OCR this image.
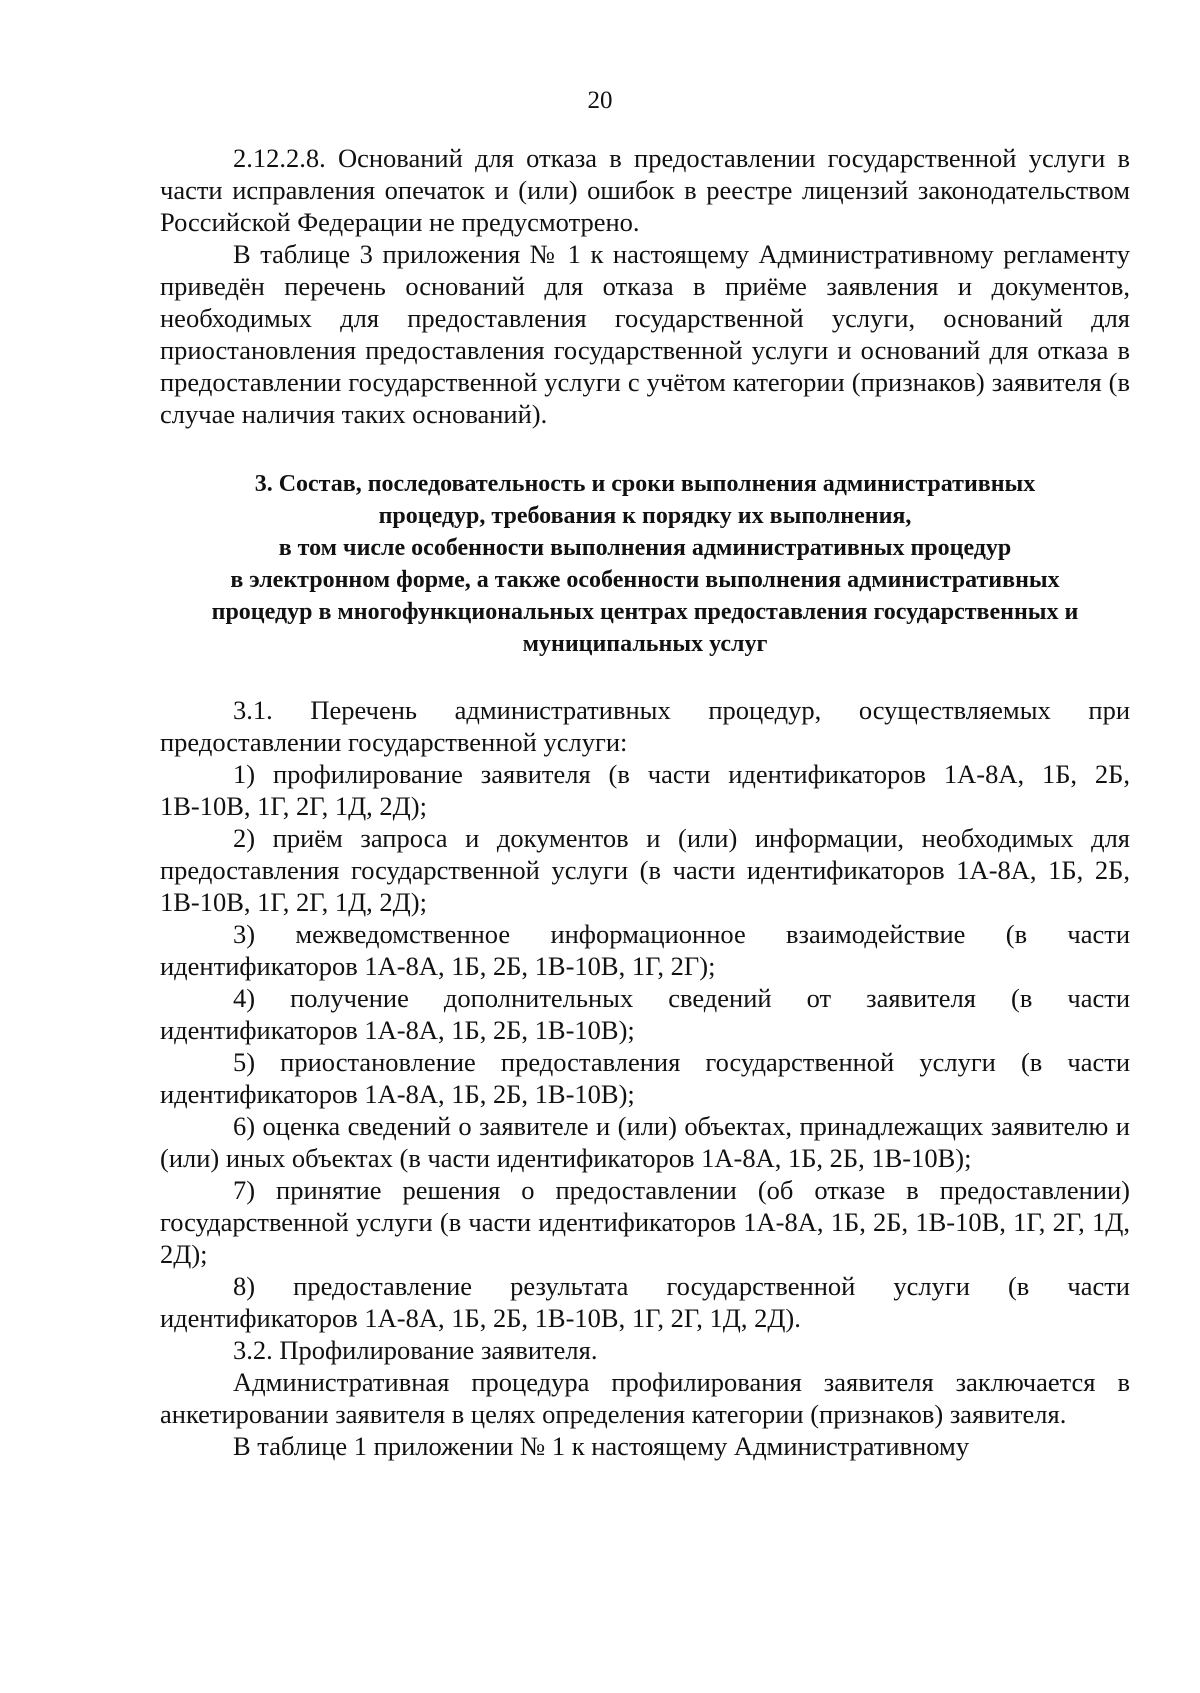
20

2.12.2.8. Оснований для отказа в предоставлении государственной услуги в части исправления опечаток и (или) ошибок в реестре лицензий законодательством Российской Федерации не предусмотрено.

В таблице 3 приложения № 1 к настоящему Административному регламенту приведён перечень оснований для отказа в приёме заявления и документов, необходимых для предоставления государственной услуги, оснований для приостановления предоставления государственной услуги и оснований для отказа в предоставлении государственной услуги с учётом категории (признаков) заявителя (в случае наличия таких оснований).

3. Состав, последовательность и сроки выполнения административных
процедур, требования к порядку их выполнения,
в том числе особенности выполнения административных процедур
в электронном форме, а также особенности выполнения административных
процедур в многофункциональных центрах предоставления государственных и
муниципальных услуг

3.1. Перечень административных процедур, осуществляемых при предоставлении государственной услуги:

1) профилирование заявителя (в части идентификаторов 1А-8А, 1Б, 2Б, 1В-10В, 1Г, 2Г, 1Д, 2Д);

2) приём запроса и документов и (или) информации, необходимых для предоставления государственной услуги (в части идентификаторов 1А-8А, 1Б, 2Б, 1В-10В, 1Г, 2Г, 1Д, 2Д);

3) межведомственное информационное взаимодействие (в части идентификаторов 1А-8А, 1Б, 2Б, 1В-10В, 1Г, 2Г);

4) получение дополнительных сведений от заявителя (в части идентификаторов 1А-8А, 1Б, 2Б, 1В-10В);

5) приостановление предоставления государственной услуги (в части идентификаторов 1А-8А, 1Б, 2Б, 1В-10В);

6) оценка сведений о заявителе и (или) объектах, принадлежащих заявителю и (или) иных объектах (в части идентификаторов 1А-8А, 1Б, 2Б, 1В-10В);

7) принятие решения о предоставлении (об отказе в предоставлении) государственной услуги (в части идентификаторов 1А-8А, 1Б, 2Б, 1В-10В, 1Г, 2Г, 1Д, 2Д);

8) предоставление результата государственной услуги (в части идентификаторов 1А-8А, 1Б, 2Б, 1В-10В, 1Г, 2Г, 1Д, 2Д).

3.2. Профилирование заявителя.

Административная процедура профилирования заявителя заключается в анкетировании заявителя в целях определения категории (признаков) заявителя.

В таблице 1 приложении № 1 к настоящему Административному
